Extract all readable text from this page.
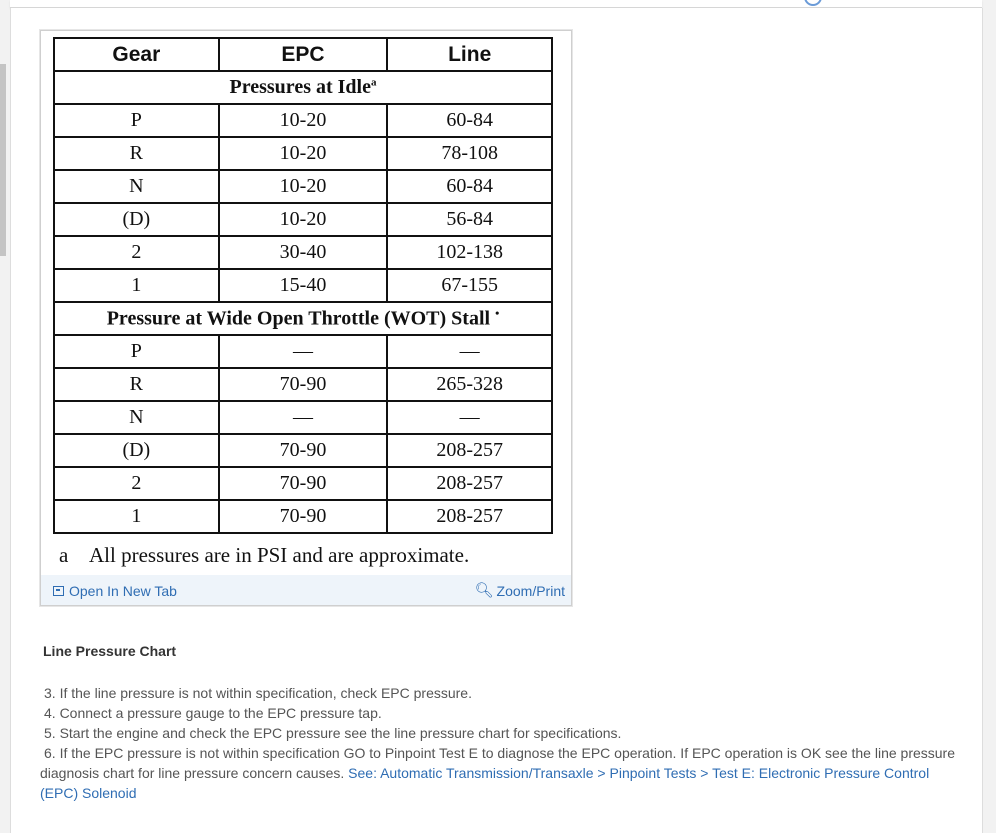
Gear	EPC	Line
Pressures at Idle$^a$
P	10-20	60-84
R	10-20	78-108
N	10-20	60-84
(D)	10-20	56-84
2	30-40	102-138
1	15-40	67-155
Pressure at Wide Open Throttle (WOT) Stall •
P	—	—
R	70-90	265-328
N	—	—
(D)	70-90	208-257
2	70-90	208-257
1	70-90	208-257
a All pressures are in PSI and are approximate.
Open In New Tab	🔍︎ Zoom/Print
Line Pressure Chart

3. If the line pressure is not within specification, check EPC pressure.

4. Connect a pressure gauge to the EPC pressure tap.

5. Start the engine and check the EPC pressure see the line pressure chart for specifications.

6. If the EPC pressure is not within specification GO to Pinpoint Test E to diagnose the EPC operation. If EPC operation is OK see the line pressure diagnosis chart for line pressure concern causes. See: Automatic Transmission/Transaxle > Pinpoint Tests > Test E: Electronic Pressure Control (EPC) Solenoid
